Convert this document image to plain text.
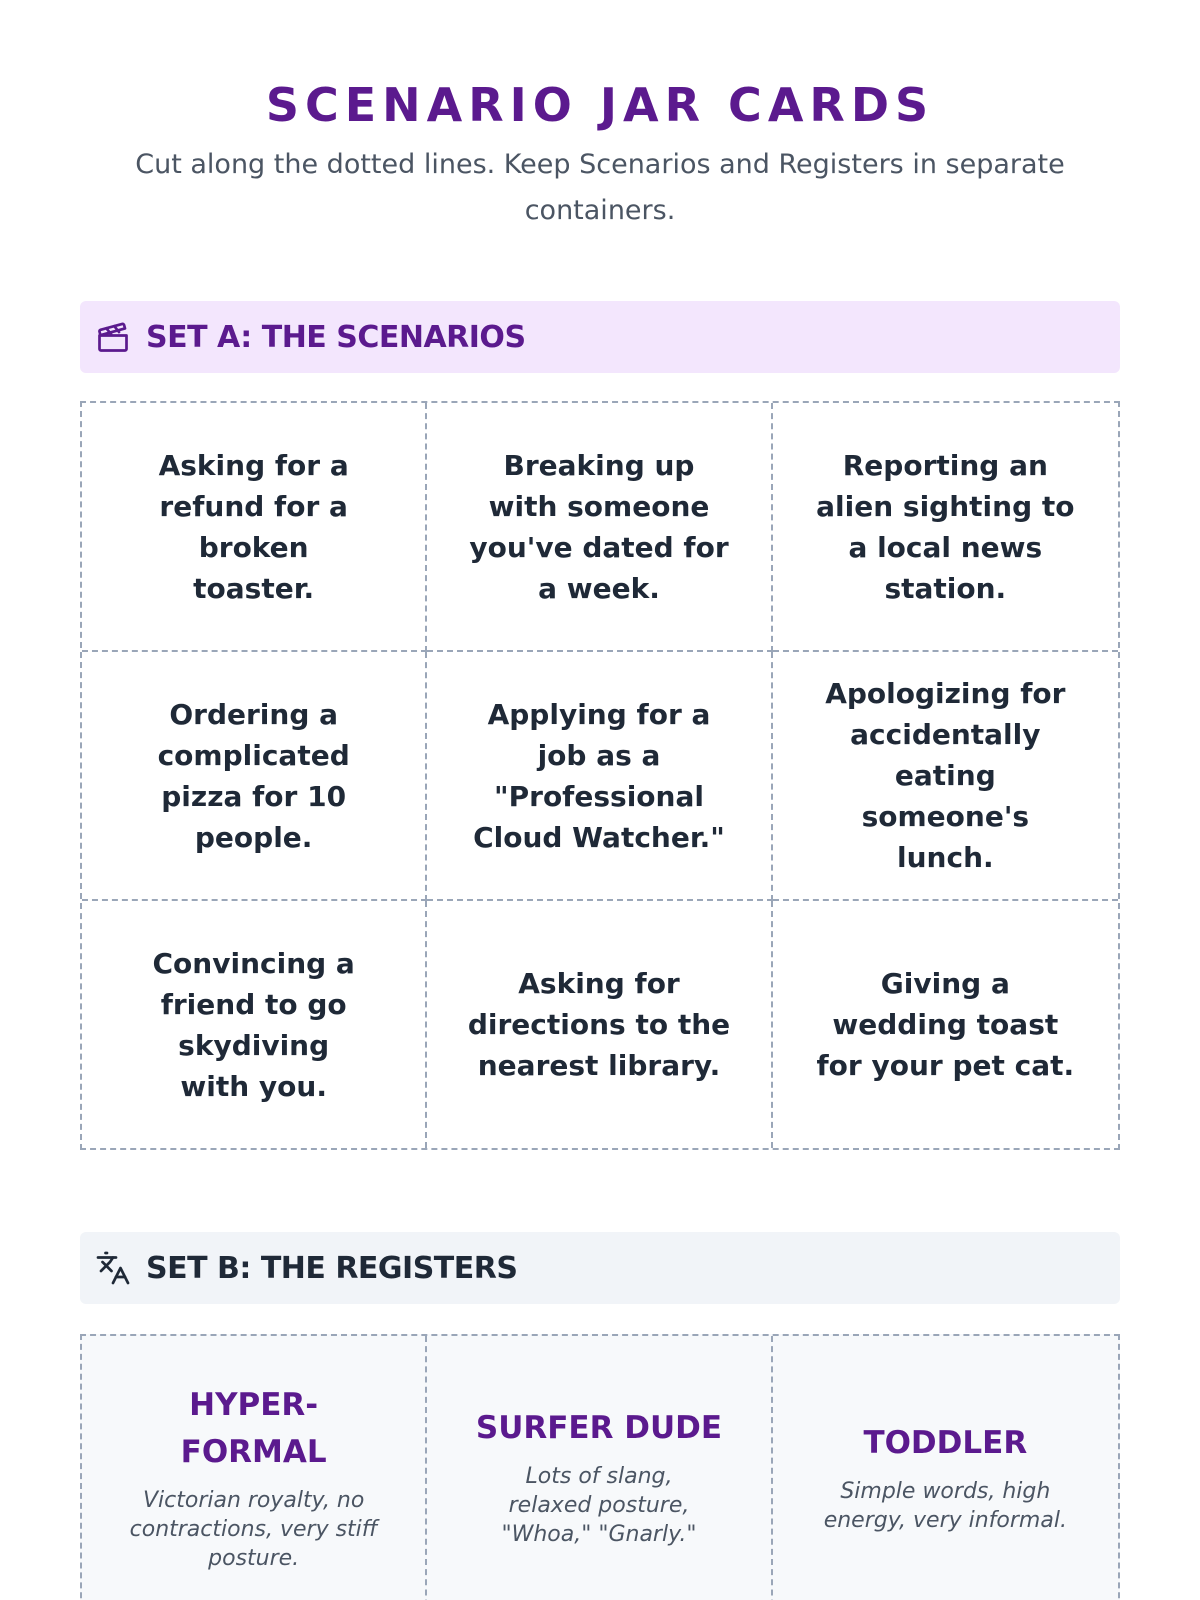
SCENARIO JAR CARDS

Cut along the dotted lines. Keep Scenarios and Registers in separate containers.

SET A: THE SCENARIOS
Asking for a refund for a broken toaster.
Breaking up with someone you've dated for a week.
Reporting an alien sighting to a local news station.
Ordering a complicated pizza for 10 people.
Applying for a job as a "Professional Cloud Watcher."
Apologizing for accidentally eating someone's lunch.
Convincing a friend to go skydiving with you.
Asking for directions to the nearest library.
Giving a wedding toast for your pet cat.
SET B: THE REGISTERS
HYPER-FORMAL
Victorian royalty, no contractions, very stiff posture.
SURFER DUDE
Lots of slang, relaxed posture, "Whoa," "Gnarly."
TODDLER
Simple words, high energy, very informal.
